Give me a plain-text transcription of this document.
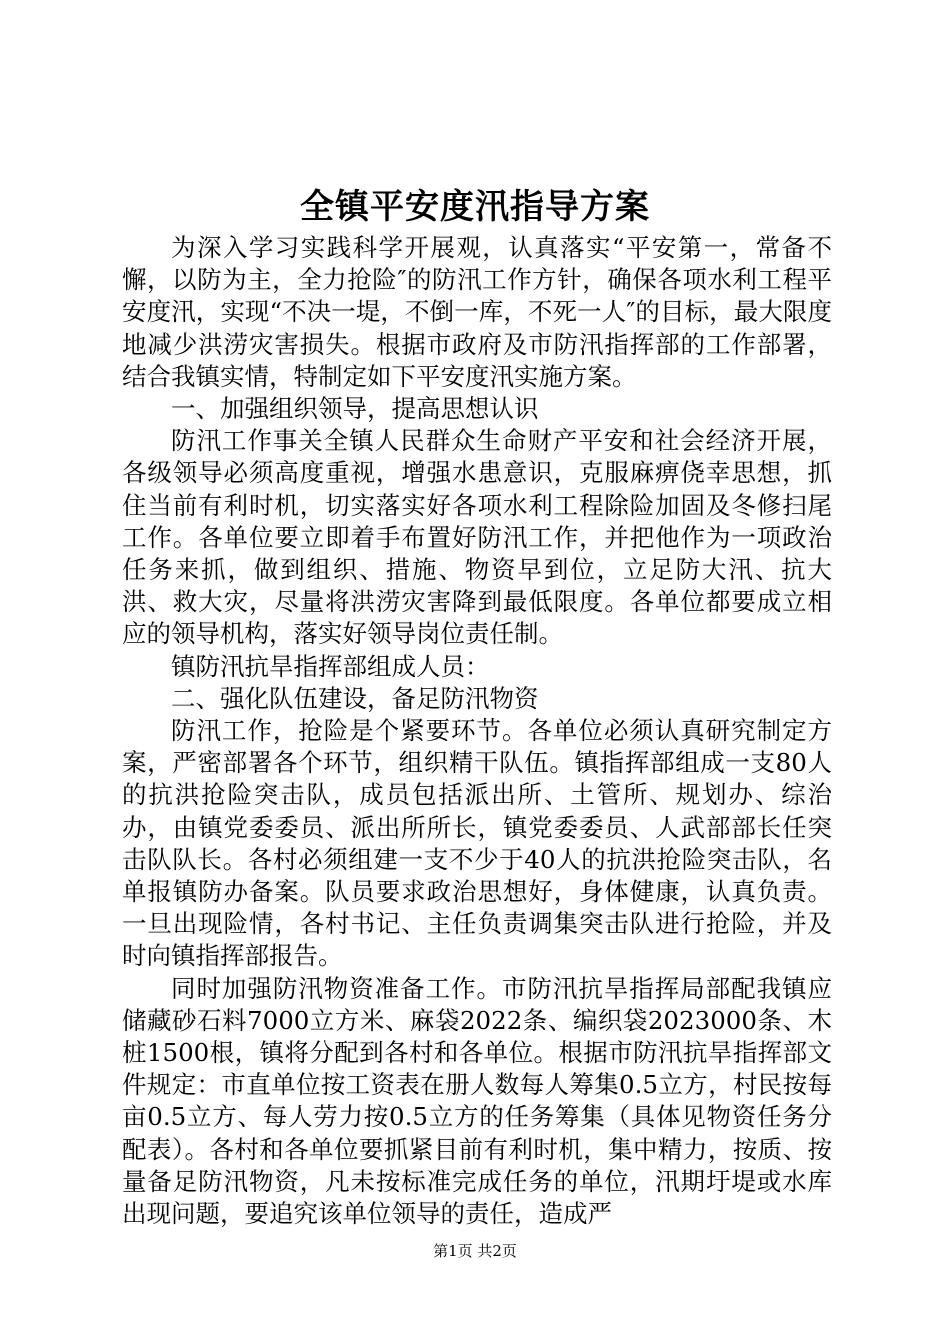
全镇平安度汛指导方案

为深入学习实践科学开展观，认真落实“平安第一，常备不懈，以防为主，全力抢险″的防汛工作方针，确保各项水利工程平安度汛，实现“不决一堤，不倒一库，不死一人″的目标，最大限度地减少洪涝灾害损失。根据市政府及市防汛指挥部的工作部署，结合我镇实情，特制定如下平安度汛实施方案。

一、加强组织领导，提高思想认识

防汛工作事关全镇人民群众生命财产平安和社会经济开展，各级领导必须高度重视，增强水患意识，克服麻痹侥幸思想，抓住当前有利时机，切实落实好各项水利工程除险加固及冬修扫尾工作。各单位要立即着手布置好防汛工作，并把他作为一项政治任务来抓，做到组织、措施、物资早到位，立足防大汛、抗大洪、救大灾，尽量将洪涝灾害降到最低限度。各单位都要成立相应的领导机构，落实好领导岗位责任制。

镇防汛抗旱指挥部组成人员：

二、强化队伍建设，备足防汛物资

防汛工作，抢险是个紧要环节。各单位必须认真研究制定方案，严密部署各个环节，组织精干队伍。镇指挥部组成一支80人的抗洪抢险突击队，成员包括派出所、土管所、规划办、综治办，由镇党委委员、派出所所长，镇党委委员、人武部部长任突击队队长。各村必须组建一支不少于40人的抗洪抢险突击队，名单报镇防办备案。队员要求政治思想好，身体健康，认真负责。一旦出现险情，各村书记、主任负责调集突击队进行抢险，并及时向镇指挥部报告。

同时加强防汛物资准备工作。市防汛抗旱指挥局部配我镇应储藏砂石料7000立方米、麻袋2022条、编织袋2023000条、木桩1500根，镇将分配到各村和各单位。根据市防汛抗旱指挥部文件规定：市直单位按工资表在册人数每人筹集0.5立方，村民按每亩0.5立方、每人劳力按0.5立方的任务筹集（具体见物资任务分配表）。各村和各单位要抓紧目前有利时机，集中精力，按质、按量备足防汛物资，凡未按标准完成任务的单位，汛期圩堤或水库出现问题，要追究该单位领导的责任，造成严

第1页 共2页
